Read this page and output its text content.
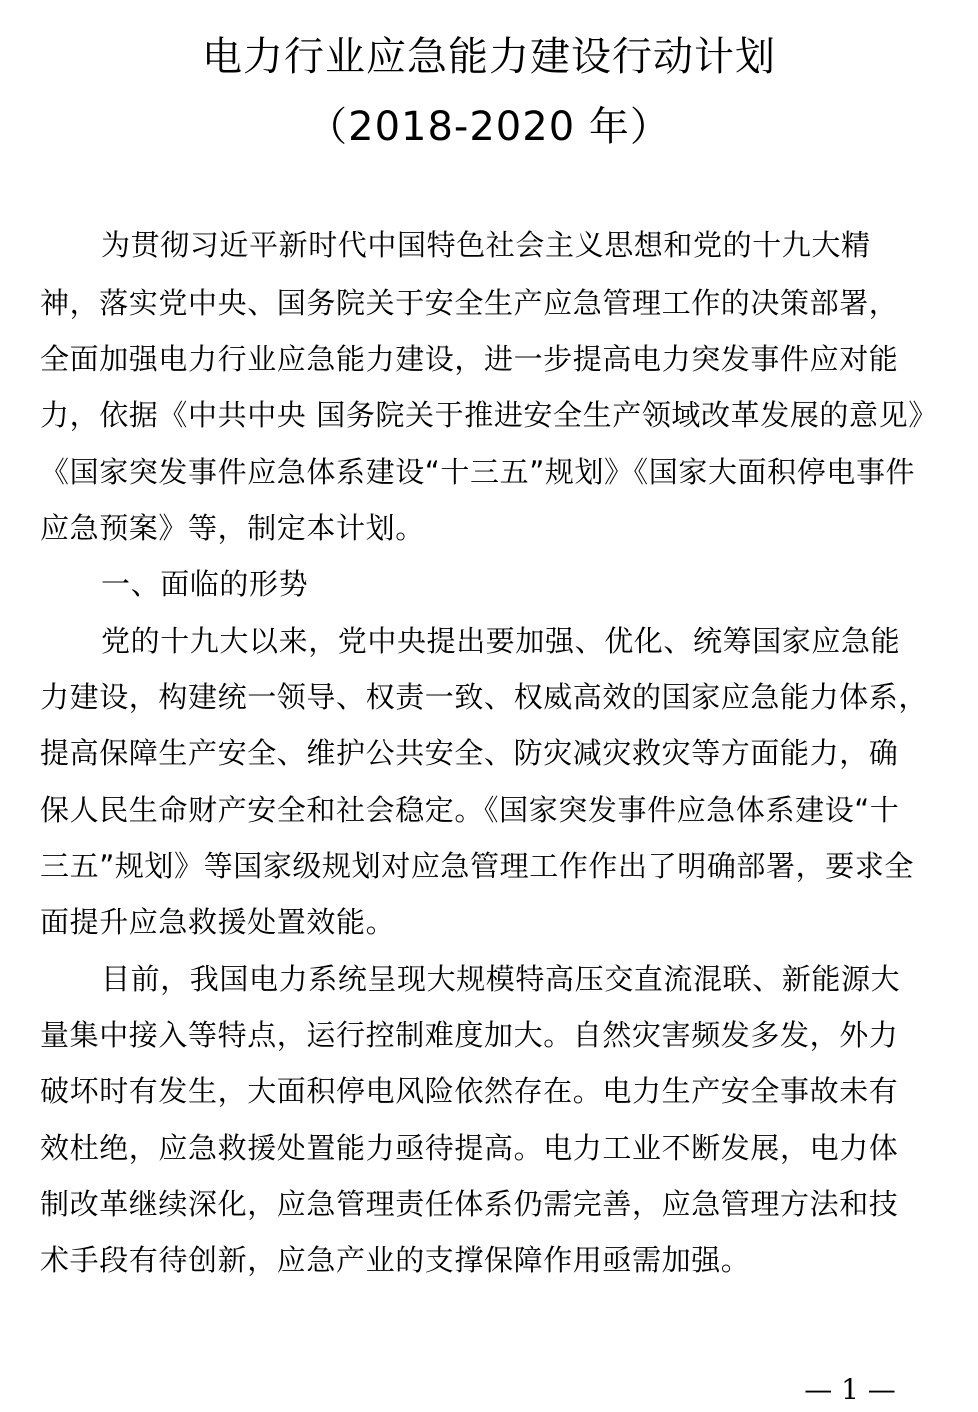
电力行业应急能力建设行动计划
（2018-2020 年）

为贯彻习近平新时代中国特色社会主义思想和党的十九大精

神，落实党中央、国务院关于安全生产应急管理工作的决策部署，

全面加强电力行业应急能力建设，进一步提高电力突发事件应对能

力，依据《中共中央 国务院关于推进安全生产领域改革发展的意见》

《国家突发事件应急体系建设“十三五”规划》《国家大面积停电事件

应急预案》等，制定本计划。

一、面临的形势

党的十九大以来，党中央提出要加强、优化、统筹国家应急能

力建设，构建统一领导、权责一致、权威高效的国家应急能力体系，

提高保障生产安全、维护公共安全、防灾减灾救灾等方面能力，确

保人民生命财产安全和社会稳定。《国家突发事件应急体系建设“十

三五”规划》等国家级规划对应急管理工作作出了明确部署，要求全

面提升应急救援处置效能。

目前，我国电力系统呈现大规模特高压交直流混联、新能源大

量集中接入等特点，运行控制难度加大。自然灾害频发多发，外力

破坏时有发生，大面积停电风险依然存在。电力生产安全事故未有

效杜绝，应急救援处置能力亟待提高。电力工业不断发展，电力体

制改革继续深化，应急管理责任体系仍需完善，应急管理方法和技

术手段有待创新，应急产业的支撑保障作用亟需加强。

— 1 —
